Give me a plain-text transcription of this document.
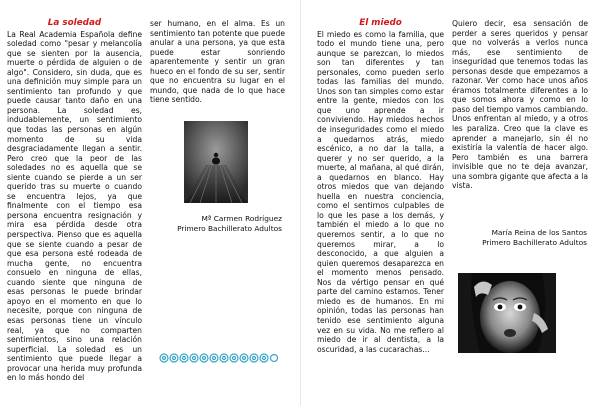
La soledad

La Real Academia Española define soledad como "pesar y melancolía que se sienten por la ausencia, muerte o pérdida de alguien o de algo". Considero, sin duda, que es una definición muy simple para un sentimiento tan profundo y que puede causar tanto daño en una persona. La soledad es, indudablemente, un sentimiento que todas las personas en algún momento de su vida desgraciadamente llegan a sentir. Pero creo que la peor de las soledades no es aquella que se siente cuando se pierde a un ser querido tras su muerte o cuando se encuentra lejos, ya que finalmente con el tiempo esa persona encuentra resignación y mira esa pérdida desde otra perspectiva. Pienso que es aquella que se siente cuando a pesar de que esa persona esté rodeada de mucha gente, no encuentra consuelo en ninguna de ellas, cuando siente que ninguna de esas personas le puede brindar apoyo en el momento en que lo necesite, porque con ninguna de esas personas tiene un vínculo real, ya que no comparten sentimientos, sino una relación superficial. La soledad es un sentimiento que puede llegar a provocar una herida muy profunda en lo más hondo del

ser humano, en el alma. Es un sentimiento tan potente que puede anular a una persona, ya que esta puede estar sonriendo aparentemente y sentir un gran hueco en el fondo de su ser, sentir que no encuentra su lugar en el mundo, que nada de lo que hace tiene sentido.

Mª Carmen Rodríguez
Primero Bachillerato Adultos
El miedo

El miedo es como la familia, que todo el mundo tiene una, pero aunque se parezcan, lo miedos son tan diferentes y tan personales, como pueden serlo todas las familias del mundo. Unos son tan simples como estar entre la gente, miedos con los que uno aprende a ir conviviendo. Hay miedos hechos de inseguridades como el miedo a quedarnos atrás, miedo escénico, a no dar la talla, a querer y no ser querido, a la muerte, al mañana, al qué dirán, a quedarnos en blanco. Hay otros miedos que van dejando huella en nuestra conciencia, como el sentirnos culpables de lo que les pase a los demás, y también el miedo a lo que no queremos sentir, a lo que no queremos mirar, a lo desconocido, a que alguien a quien queremos desaparezca en el momento menos pensado. Nos da vértigo pensar en qué parte del camino estamos. Tener miedo es de humanos. En mi opinión, todas las personas han tenido ese sentimiento alguna vez en su vida. No me refiero al miedo de ir al dentista, a la oscuridad, a las cucarachas...

Quiero decir, esa sensación de perder a seres queridos y pensar que no volverás a verlos nunca más, ese sentimiento de inseguridad que tenemos todas las personas desde que empezamos a razonar. Ver como hace unos años éramos totalmente diferentes a lo que somos ahora y como en lo paso del tiempo vamos cambiando. Unos enfrentan al miedo, y a otros les paraliza. Creo que la clave es aprender a manejarlo, sin él no existiría la valentía de hacer algo. Pero también es una barrera invisible que no te deja avanzar, una sombra gigante que afecta a la vista.

María Reina de los Santos
Primero Bachillerato Adultos
